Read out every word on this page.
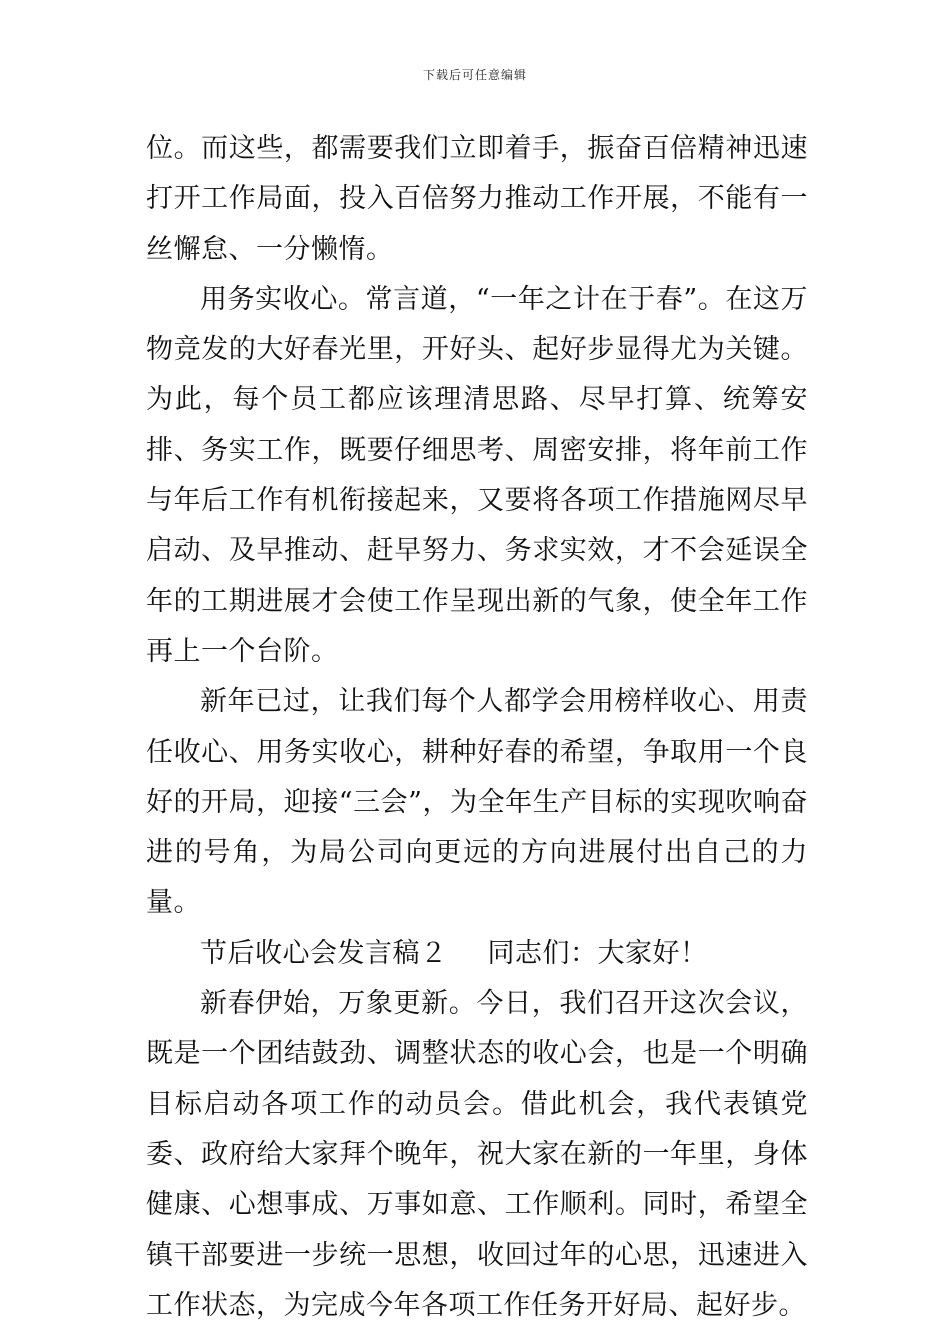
下载后可任意编辑

位。而这些，都需要我们立即着手，振奋百倍精神迅速打开工作局面，投入百倍努力推动工作开展，不能有一丝懈怠、一分懒惰。

用务实收心。常言道，“一年之计在于春”。在这万物竞发的大好春光里，开好头、起好步显得尤为关键。为此，每个员工都应该理清思路、尽早打算、统筹安排、务实工作，既要仔细思考、周密安排，将年前工作与年后工作有机衔接起来，又要将各项工作措施网尽早启动、及早推动、赶早努力、务求实效，才不会延误全年的工期进展才会使工作呈现出新的气象，使全年工作再上一个台阶。

新年已过，让我们每个人都学会用榜样收心、用责任收心、用务实收心，耕种好春的希望，争取用一个良好的开局，迎接“三会”，为全年生产目标的实现吹响奋进的号角，为局公司向更远的方向进展付出自己的力量。

节后收心会发言稿２ 同志们：大家好！

新春伊始，万象更新。今日，我们召开这次会议，既是一个团结鼓劲、调整状态的收心会，也是一个明确目标启动各项工作的动员会。借此机会，我代表镇党委、政府给大家拜个晚年，祝大家在新的一年里，身体健康、心想事成、万事如意、工作顺利。同时，希望全镇干部要进一步统一思想，收回过年的心思，迅速进入工作状态，为完成今年各项工作任务开好局、起好步。
